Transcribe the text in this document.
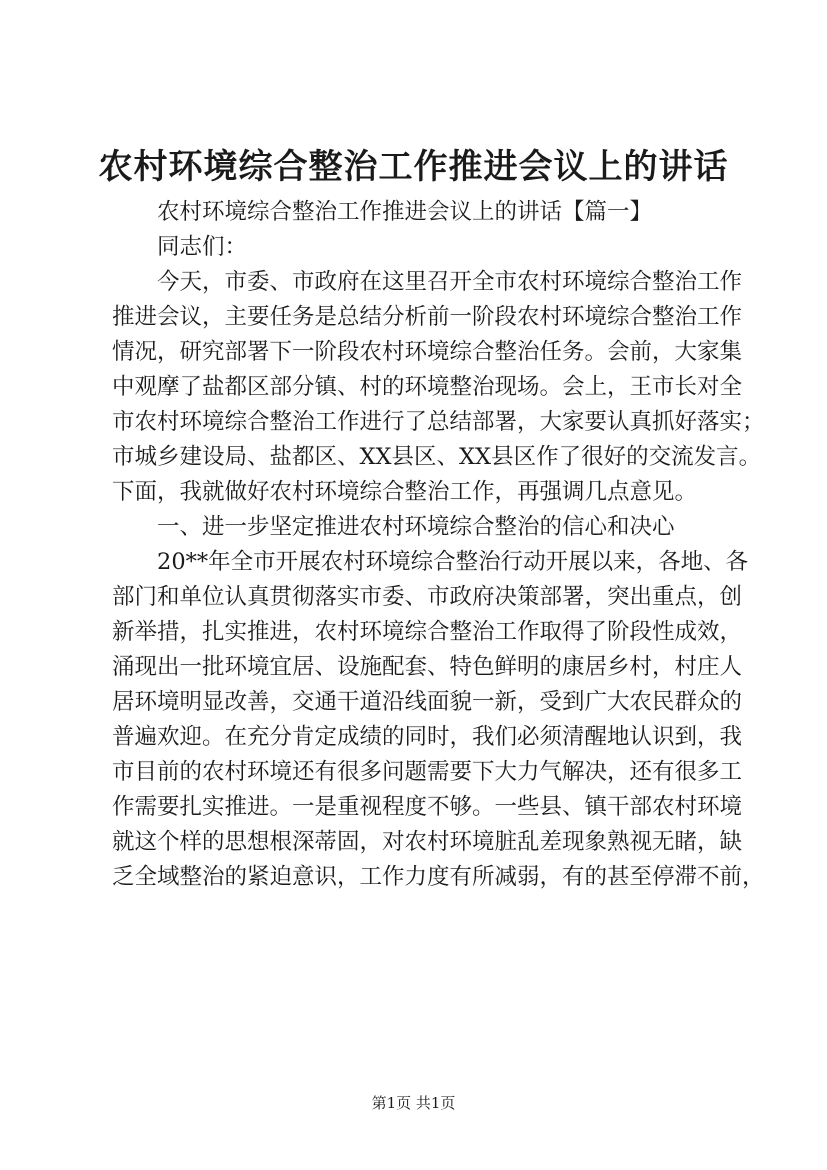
农村环境综合整治工作推进会议上的讲话
农村环境综合整治工作推进会议上的讲话【篇一】
同志们：
今天，市委、市政府在这里召开全市农村环境综合整治工作
推进会议，主要任务是总结分析前一阶段农村环境综合整治工作
情况，研究部署下一阶段农村环境综合整治任务。会前，大家集
中观摩了盐都区部分镇、村的环境整治现场。会上，王市长对全
市农村环境综合整治工作进行了总结部署，大家要认真抓好落实；
市城乡建设局、盐都区、XX县区、XX县区作了很好的交流发言。
下面，我就做好农村环境综合整治工作，再强调几点意见。
一、进一步坚定推进农村环境综合整治的信心和决心
20**年全市开展农村环境综合整治行动开展以来，各地、各
部门和单位认真贯彻落实市委、市政府决策部署，突出重点，创
新举措，扎实推进，农村环境综合整治工作取得了阶段性成效，
涌现出一批环境宜居、设施配套、特色鲜明的康居乡村，村庄人
居环境明显改善，交通干道沿线面貌一新，受到广大农民群众的
普遍欢迎。在充分肯定成绩的同时，我们必须清醒地认识到，我
市目前的农村环境还有很多问题需要下大力气解决，还有很多工
作需要扎实推进。一是重视程度不够。一些县、镇干部农村环境
就这个样的思想根深蒂固，对农村环境脏乱差现象熟视无睹，缺
乏全域整治的紧迫意识，工作力度有所减弱，有的甚至停滞不前，
第1页 共1页
